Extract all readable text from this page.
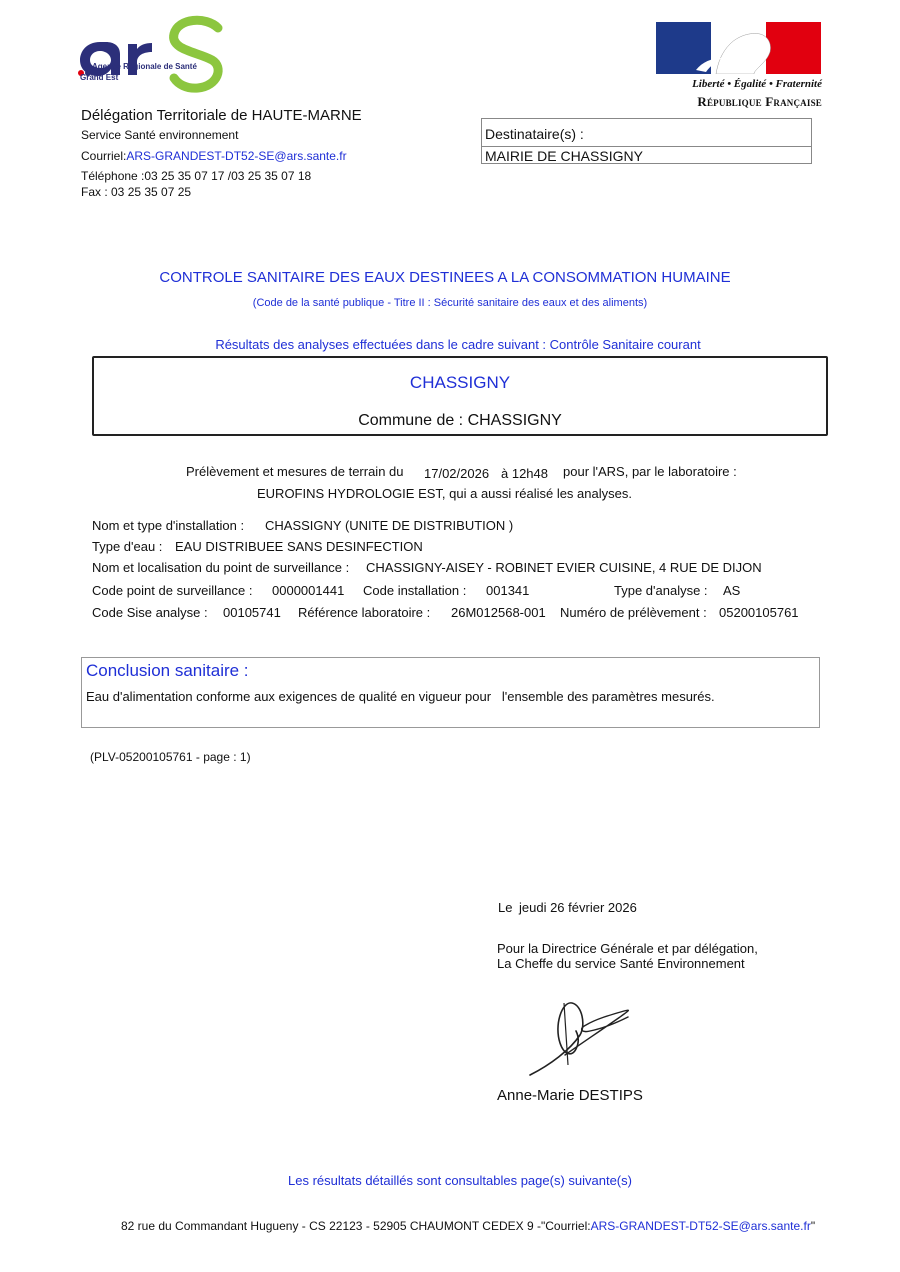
Agence Régionale de Santé
Grand Est
Liberté • Égalité • Fraternité
République Française
Délégation Territoriale de HAUTE-MARNE
Service Santé environnement
Courriel:ARS-GRANDEST-DT52-SE@ars.sante.fr
Téléphone :03 25 35 07 17 /03 25 35 07 18
Fax : 03 25 35 07 25
Destinataire(s) :
MAIRIE DE CHASSIGNY
CONTROLE SANITAIRE DES EAUX DESTINEES A LA CONSOMMATION HUMAINE
(Code de la santé publique - Titre II : Sécurité sanitaire des eaux et des aliments)
Résultats des analyses effectuées dans le cadre suivant : Contrôle Sanitaire courant
CHASSIGNY
Commune de : CHASSIGNY
Prélèvement et mesures de terrain du 17/02/2026 à 12h48 pour l'ARS, par le laboratoire :
EUROFINS HYDROLOGIE EST, qui a aussi réalisé les analyses.
Nom et type d'installation : CHASSIGNY (UNITE DE DISTRIBUTION )
Type d'eau : EAU DISTRIBUEE SANS DESINFECTION
Nom et localisation du point de surveillance :	CHASSIGNY-AISEY - ROBINET EVIER CUISINE, 4 RUE DE DIJON
Code point de surveillance : 0000001441 Code installation : 001341	Type d'analyse : AS
Code Sise analyse : 00105741 Référence laboratoire : 26M012568-001 Numéro de prélèvement : 05200105761
Conclusion sanitaire :
Eau d'alimentation conforme aux exigences de qualité en vigueur pour   l'ensemble des paramètres mesurés.
(PLV-05200105761 - page : 1)
Le jeudi 26 février 2026
Pour la Directrice Générale et par délégation,
La Cheffe du service Santé Environnement
Anne-Marie DESTIPS
Les résultats détaillés sont consultables page(s) suivante(s)
82 rue du Commandant Hugueny - CS 22123 - 52905 CHAUMONT CEDEX 9 -"Courriel:ARS-GRANDEST-DT52-SE@ars.sante.fr"
